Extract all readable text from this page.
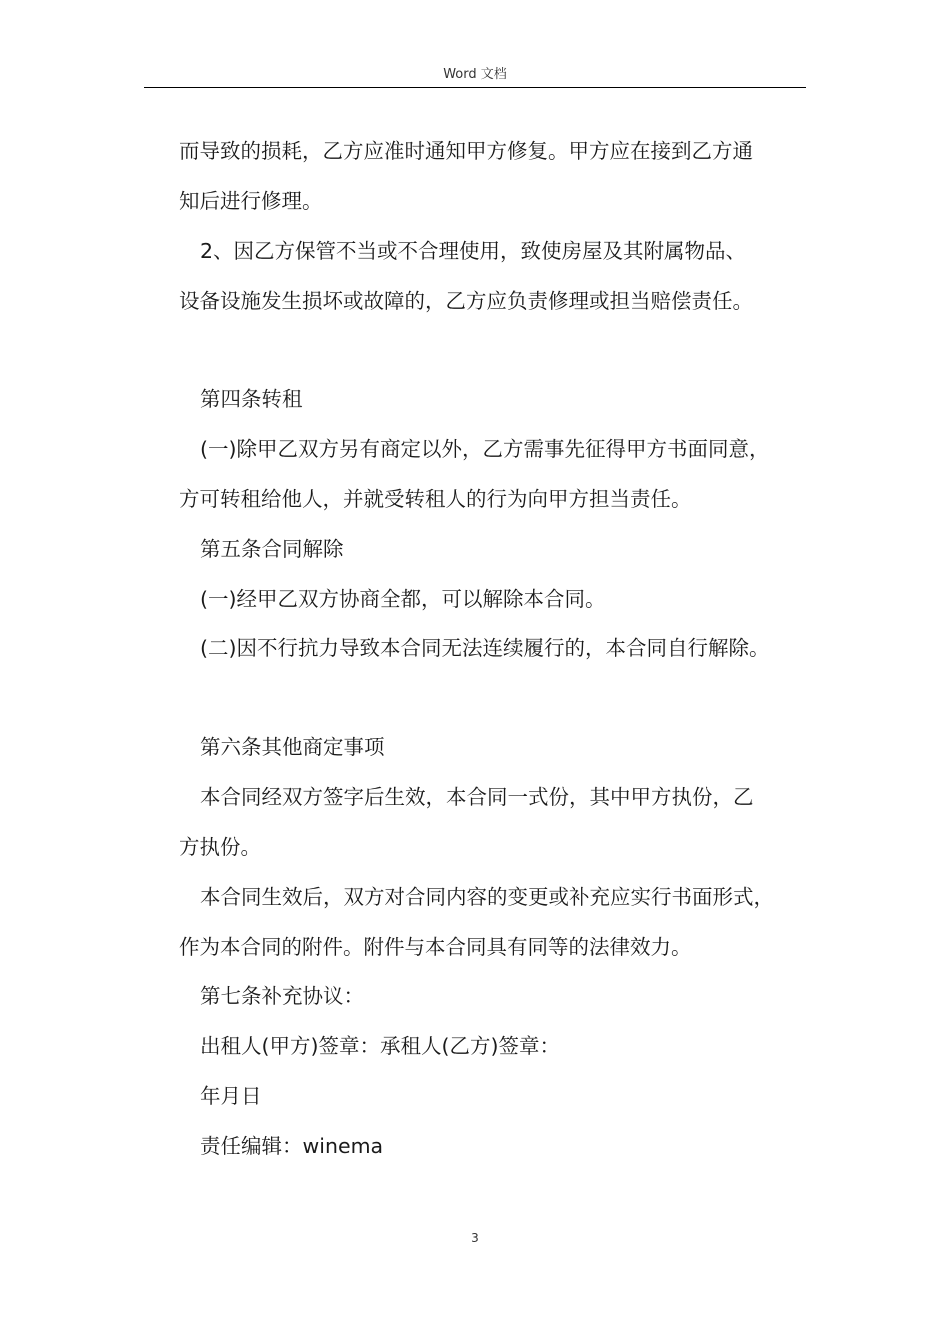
Word 文档
而导致的损耗，乙方应准时通知甲方修复。甲方应在接到乙方通
知后进行修理。
2、因乙方保管不当或不合理使用，致使房屋及其附属物品、
设备设施发生损坏或故障的，乙方应负责修理或担当赔偿责任。
第四条转租
(一)除甲乙双方另有商定以外，乙方需事先征得甲方书面同意，
方可转租给他人，并就受转租人的行为向甲方担当责任。
第五条合同解除
(一)经甲乙双方协商全都，可以解除本合同。
(二)因不行抗力导致本合同无法连续履行的，本合同自行解除。
第六条其他商定事项
本合同经双方签字后生效，本合同一式份，其中甲方执份，乙
方执份。
本合同生效后，双方对合同内容的变更或补充应实行书面形式，
作为本合同的附件。附件与本合同具有同等的法律效力。
第七条补充协议：
出租人(甲方)签章：承租人(乙方)签章：
年月日
责任编辑：winema
3
